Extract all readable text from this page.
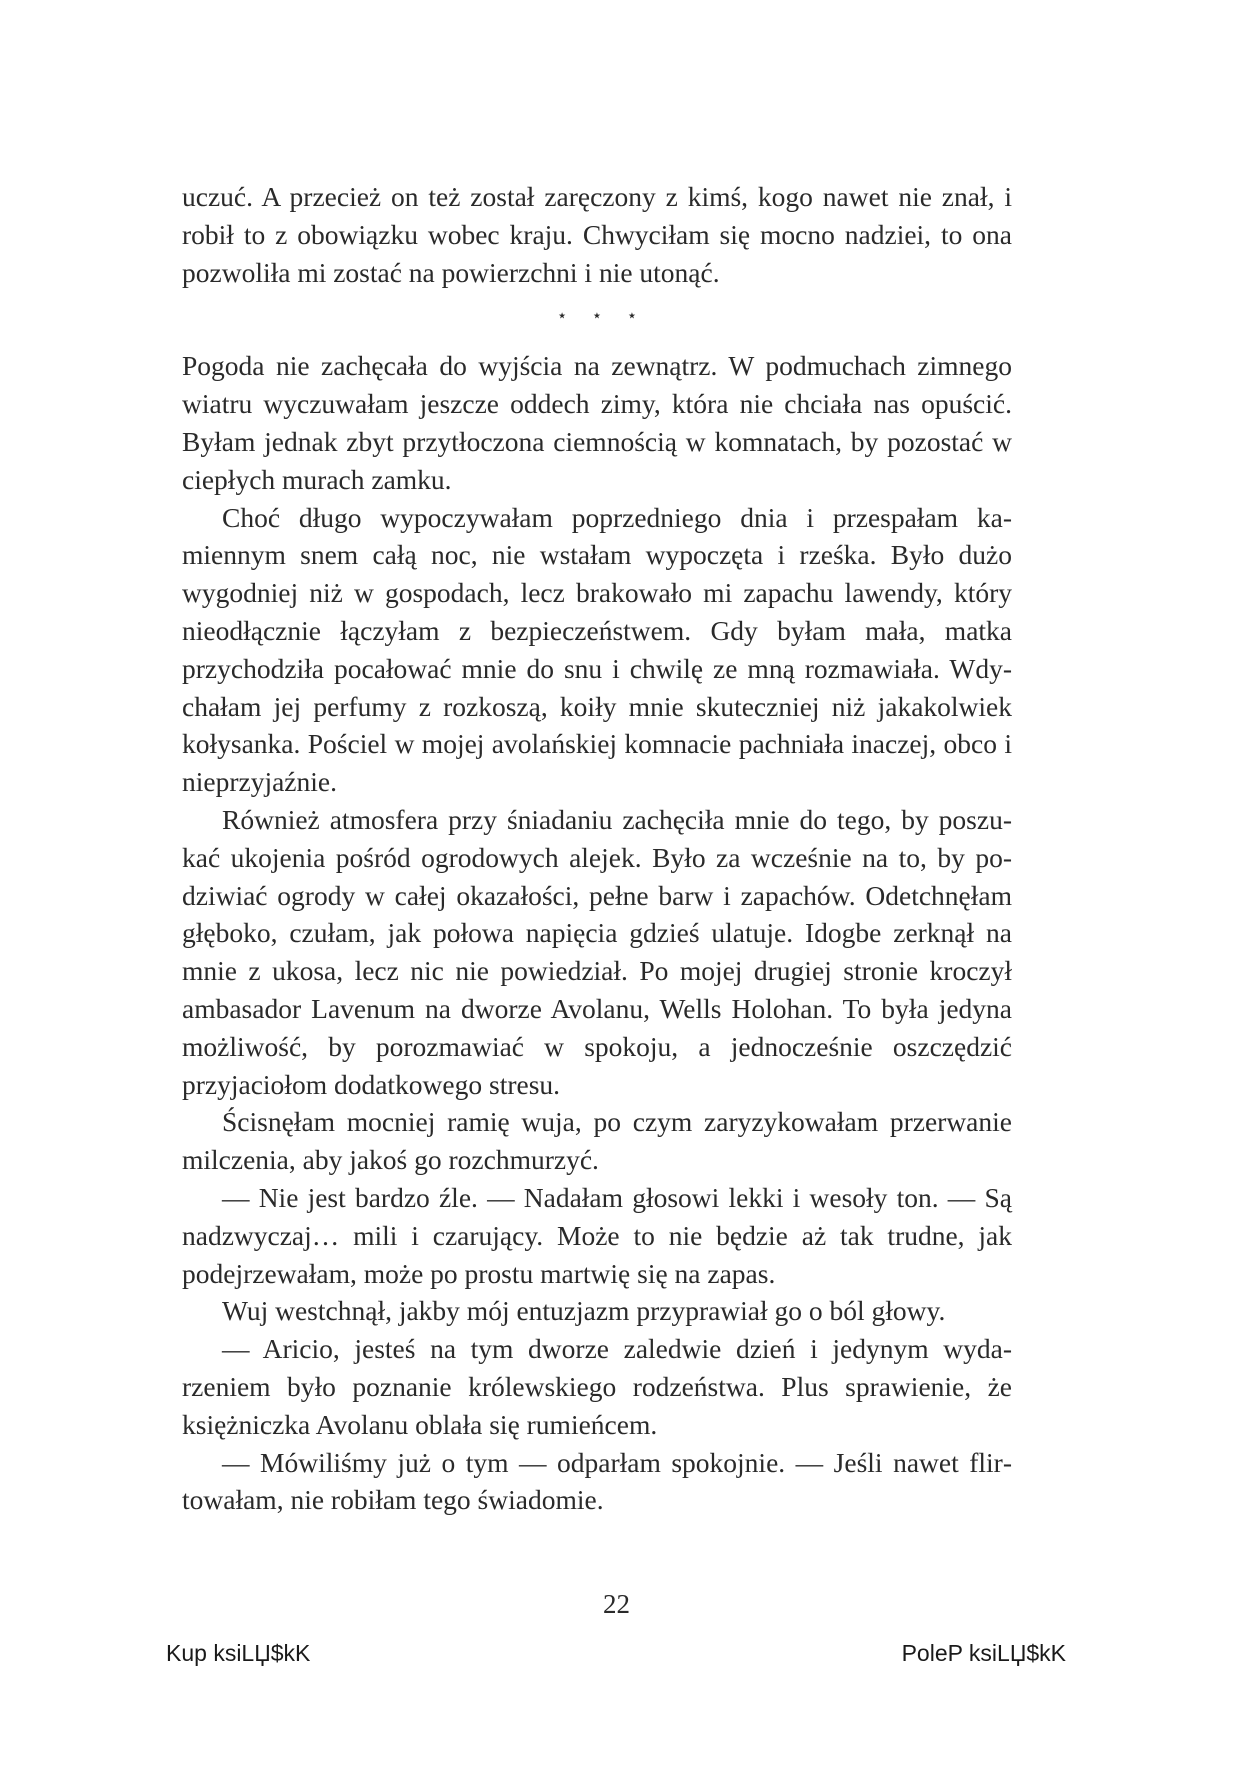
uczuć. A przecież on też został zaręczony z kimś, kogo nawet nie znał, i robił to z obowiązku wobec kraju. Chwyciłam się mocno nadziei, to ona pozwoliła mi zostać na powierzchni i nie utonąć.

⋆ ⋆ ⋆

Pogoda nie zachęcała do wyjścia na zewnątrz. W podmuchach zimnego wiatru wyczuwałam jeszcze oddech zimy, która nie chciała nas opuścić. Byłam jednak zbyt przytłoczona ciemnością w komnatach, by pozostać w ciepłych murach zamku.

Choć długo wypoczywałam poprzedniego dnia i przespałam kamiennym snem całą noc, nie wstałam wypoczęta i rześka. Było dużo wygodniej niż w gospodach, lecz brakowało mi zapachu lawendy, który nieodłącznie łączyłam z bezpieczeństwem. Gdy byłam mała, matka przychodziła pocałować mnie do snu i chwilę ze mną rozmawiała. Wdychałam jej perfumy z rozkoszą, koiły mnie skuteczniej niż jakakolwiek kołysanka. Pościel w mojej avolańskiej komnacie pachniała inaczej, obco i nieprzyjaźnie.

Również atmosfera przy śniadaniu zachęciła mnie do tego, by poszukać ukojenia pośród ogrodowych alejek. Było za wcześnie na to, by podziwiać ogrody w całej okazałości, pełne barw i zapachów. Odetchnęłam głęboko, czułam, jak połowa napięcia gdzieś ulatuje. Idogbe zerknął na mnie z ukosa, lecz nic nie powiedział. Po mojej drugiej stronie kroczył ambasador Lavenum na dworze Avolanu, Wells Holohan. To była jedyna możliwość, by porozmawiać w spokoju, a jednocześnie oszczędzić przyjaciołom dodatkowego stresu.

Ścisnęłam mocniej ramię wuja, po czym zaryzykowałam przerwanie milczenia, aby jakoś go rozchmurzyć.

— Nie jest bardzo źle. — Nadałam głosowi lekki i wesoły ton. — Są nadzwyczaj… mili i czarujący. Może to nie będzie aż tak trudne, jak podejrzewałam, może po prostu martwię się na zapas.

Wuj westchnął, jakby mój entuzjazm przyprawiał go o ból głowy.

— Aricio, jesteś na tym dworze zaledwie dzień i jedynym wydarzeniem było poznanie królewskiego rodzeństwa. Plus sprawienie, że księżniczka Avolanu oblała się rumieńcem.

— Mówiliśmy już o tym — odparłam spokojnie. — Jeśli nawet flirtowałam, nie robiłam tego świadomie.

22
Kup ksiLЏ$kK	PoleP ksiLЏ$kK
